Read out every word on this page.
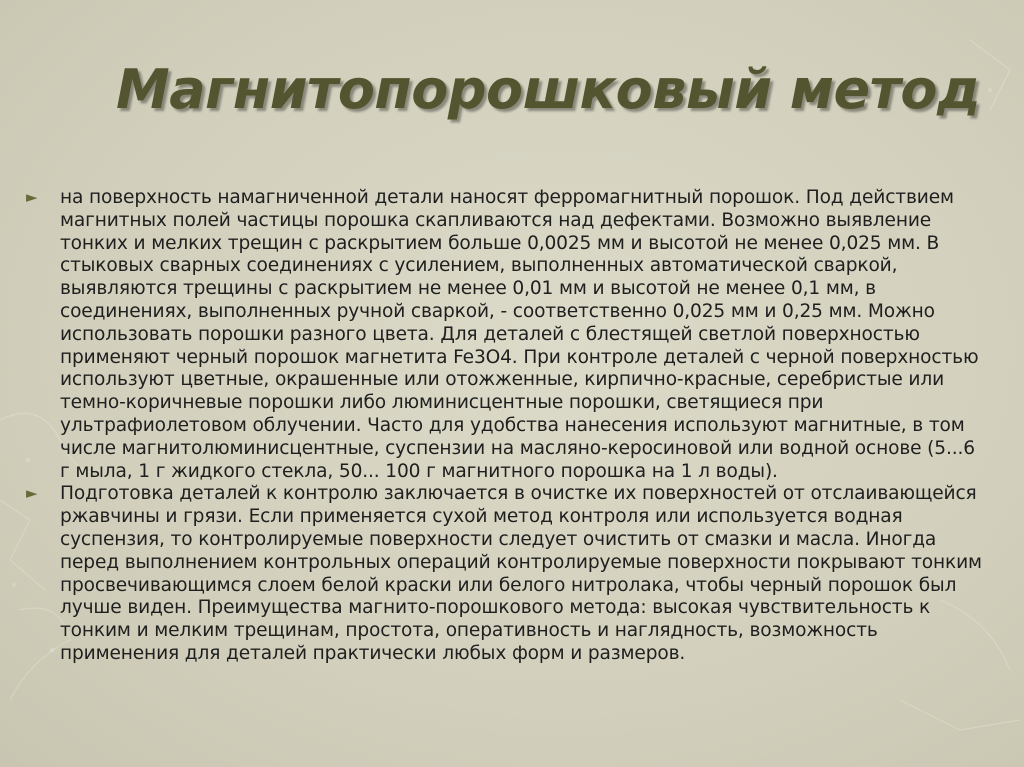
Магнитопорошковый метод
► на поверхность намагниченной детали наносят ферромагнитный порошок. Под действием магнитных полей частицы порошка скапливаются над дефектами. Возможно выявление тонких и мелких трещин с раскрытием больше 0,0025 мм и высотой не менее 0,025 мм. В стыковых сварных соединениях с усилением, выполненных автоматической сваркой, выявляются трещины с раскрытием не менее 0,01 мм и высотой не менее 0,1 мм, в соединениях, выполненных ручной сваркой, - соответственно 0,025 мм и 0,25 мм. Можно использовать порошки разного цвета. Для деталей с блестящей светлой поверхностью применяют черный порошок магнетита Fe3O4. При контроле деталей с черной поверхностью используют цветные, окрашенные или отожженные, кирпично-красные, серебристые или темно-коричневые порошки либо люминисцентные порошки, светящиеся при ультрафиолетовом облучении. Часто для удобства нанесения используют магнитные, в том числе магнитолюминисцентные, суспензии на масляно-керосиновой или водной основе (5...6 г мыла, 1 г жидкого стекла, 50... 100 г магнитного порошка на 1 л воды).
► Подготовка деталей к контролю заключается в очистке их поверхностей от отслаивающейся ржавчины и грязи. Если применяется сухой метод контроля или используется водная суспензия, то контролируемые поверхности следует очистить от смазки и масла. Иногда перед выполнением контрольных операций контролируемые поверхности покрывают тонким просвечивающимся слоем белой краски или белого нитролака, чтобы черный порошок был лучше виден. Преимущества магнито-порошкового метода: высокая чувствительность к тонким и мелким трещинам, простота, оперативность и наглядность, возможность применения для деталей практически любых форм и размеров.
